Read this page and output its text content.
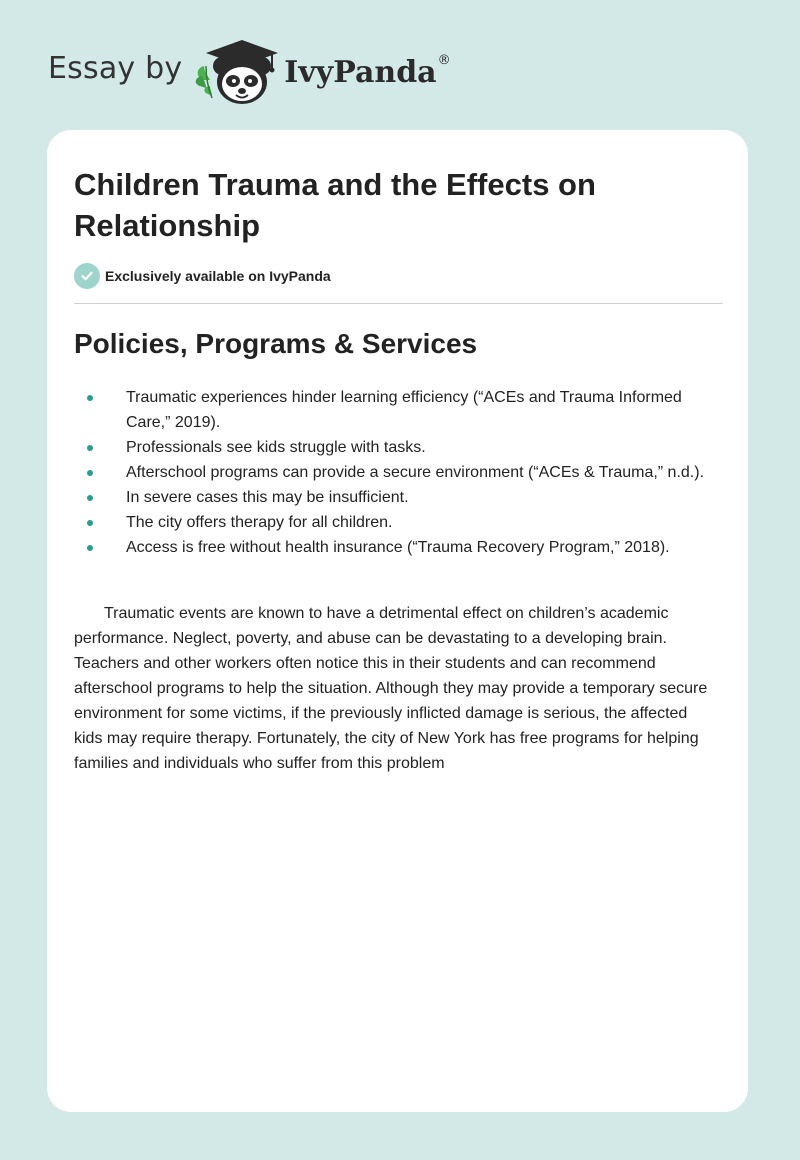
Essay by	IvyPanda ®
Children Trauma and the Effects on Relationship
Exclusively available on IvyPanda
Policies, Programs & Services
Traumatic experiences hinder learning efficiency (“ACEs and Trauma Informed Care,” 2019).
Professionals see kids struggle with tasks.
Afterschool programs can provide a secure environment (“ACEs & Trauma,” n.d.).
In severe cases this may be insufficient.
The city offers therapy for all children.
Access is free without health insurance (“Trauma Recovery Program,” 2018).

Traumatic events are known to have a detrimental effect on children’s academic performance. Neglect, poverty, and abuse can be devastating to a developing brain. Teachers and other workers often notice this in their students and can recommend afterschool programs to help the situation. Although they may provide a temporary secure environment for some victims, if the previously inflicted damage is serious, the affected kids may require therapy. Fortunately, the city of New York has free programs for helping families and individuals who suffer from this problem
